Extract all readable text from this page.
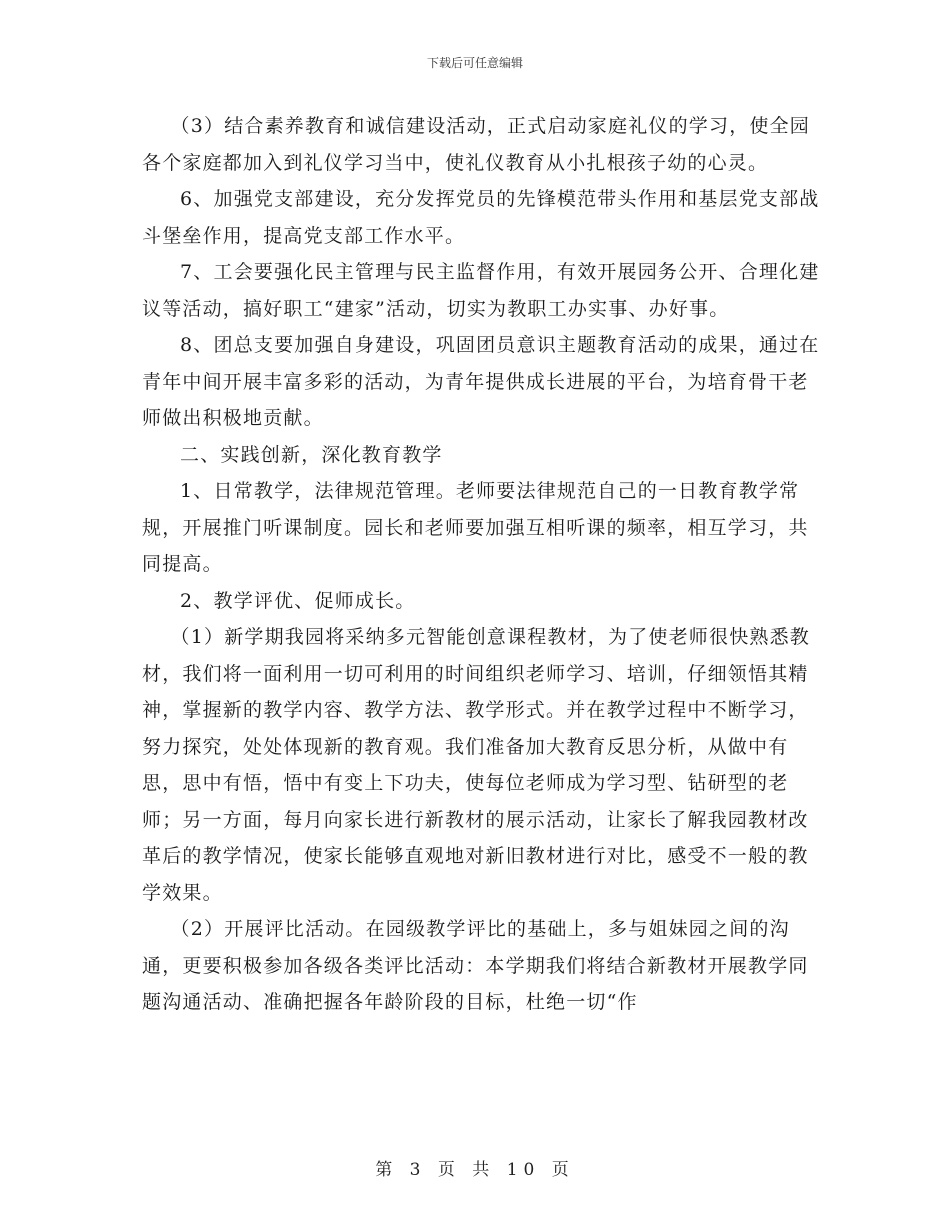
下载后可任意编辑

（3）结合素养教育和诚信建设活动，正式启动家庭礼仪的学习，使全园各个家庭都加入到礼仪学习当中，使礼仪教育从小扎根孩子幼的心灵。

6、加强党支部建设，充分发挥党员的先锋模范带头作用和基层党支部战斗堡垒作用，提高党支部工作水平。

7、工会要强化民主管理与民主监督作用，有效开展园务公开、合理化建议等活动，搞好职工“建家”活动，切实为教职工办实事、办好事。

8、团总支要加强自身建设，巩固团员意识主题教育活动的成果，通过在青年中间开展丰富多彩的活动，为青年提供成长进展的平台，为培育骨干老师做出积极地贡献。

二、实践创新，深化教育教学

1、日常教学，法律规范管理。老师要法律规范自己的一日教育教学常规，开展推门听课制度。园长和老师要加强互相听课的频率，相互学习，共同提高。

2、教学评优、促师成长。

（1）新学期我园将采纳多元智能创意课程教材，为了使老师很快熟悉教材，我们将一面利用一切可利用的时间组织老师学习、培训，仔细领悟其精神，掌握新的教学内容、教学方法、教学形式。并在教学过程中不断学习，努力探究，处处体现新的教育观。我们准备加大教育反思分析，从做中有思，思中有悟，悟中有变上下功夫，使每位老师成为学习型、钻研型的老师；另一方面，每月向家长进行新教材的展示活动，让家长了解我园教材改革后的教学情况，使家长能够直观地对新旧教材进行对比，感受不一般的教学效果。

（2）开展评比活动。在园级教学评比的基础上，多与姐妹园之间的沟通，更要积极参加各级各类评比活动：本学期我们将结合新教材开展教学同题沟通活动、准确把握各年龄阶段的目标，杜绝一切“作

第 3 页 共 10 页
